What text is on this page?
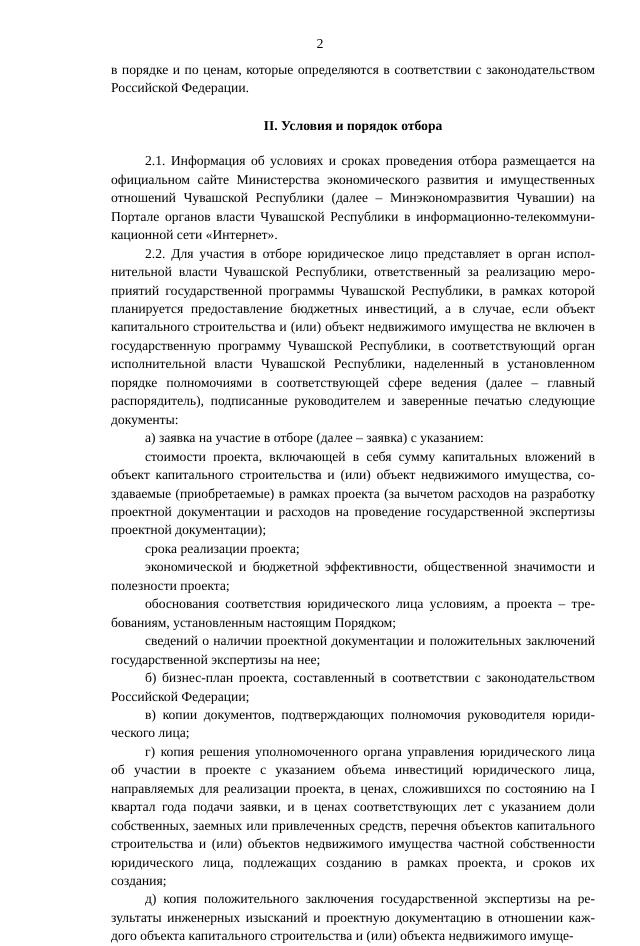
2

в порядке и по ценам, которые определяются в соответствии с законодательством Российской Федерации.

II. Условия и порядок отбора

2.1. Информация об условиях и сроках проведения отбора размещается на официальном сайте Министерства экономического развития и имущественных отношений Чувашской Республики (далее – Минэкономразвития Чувашии) на Портале органов власти Чувашской Республики в информационно-телекоммуникационной сети «Интернет».

2.2. Для участия в отборе юридическое лицо представляет в орган исполнительной власти Чувашской Республики, ответственный за реализацию мероприятий государственной программы Чувашской Республики, в рамках которой планируется предоставление бюджетных инвестиций, а в случае, если объект капитального строительства и (или) объект недвижимого имущества не включен в государственную программу Чувашской Республики, в соответствующий орган исполнительной власти Чувашской Республики, наделенный в установленном порядке полномочиями в соответствующей сфере ведения (далее – главный распорядитель), подписанные руководителем и заверенные печатью следующие документы:

а) заявка на участие в отборе (далее – заявка) с указанием:

стоимости проекта, включающей в себя сумму капитальных вложений в объект капитального строительства и (или) объект недвижимого имущества, создаваемые (приобретаемые) в рамках проекта (за вычетом расходов на разработку проектной документации и расходов на проведение государственной экспертизы проектной документации);

срока реализации проекта;

экономической и бюджетной эффективности, общественной значимости и полезности проекта;

обоснования соответствия юридического лица условиям, а проекта – требованиям, установленным настоящим Порядком;

сведений о наличии проектной документации и положительных заключений государственной экспертизы на нее;

б) бизнес-план проекта, составленный в соответствии с законодательством Российской Федерации;

в) копии документов, подтверждающих полномочия руководителя юридического лица;

г) копия решения уполномоченного органа управления юридического лица об участии в проекте с указанием объема инвестиций юридического лица, направляемых для реализации проекта, в ценах, сложившихся по состоянию на I квартал года подачи заявки, и в ценах соответствующих лет с указанием доли собственных, заемных или привлеченных средств, перечня объектов капитального строительства и (или) объектов недвижимого имущества частной собственности юридического лица, подлежащих созданию в рамках проекта, и сроков их создания;

д) копия положительного заключения государственной экспертизы на результаты инженерных изысканий и проектную документацию в отношении каждого объекта капитального строительства и (или) объекта недвижимого имуще-
